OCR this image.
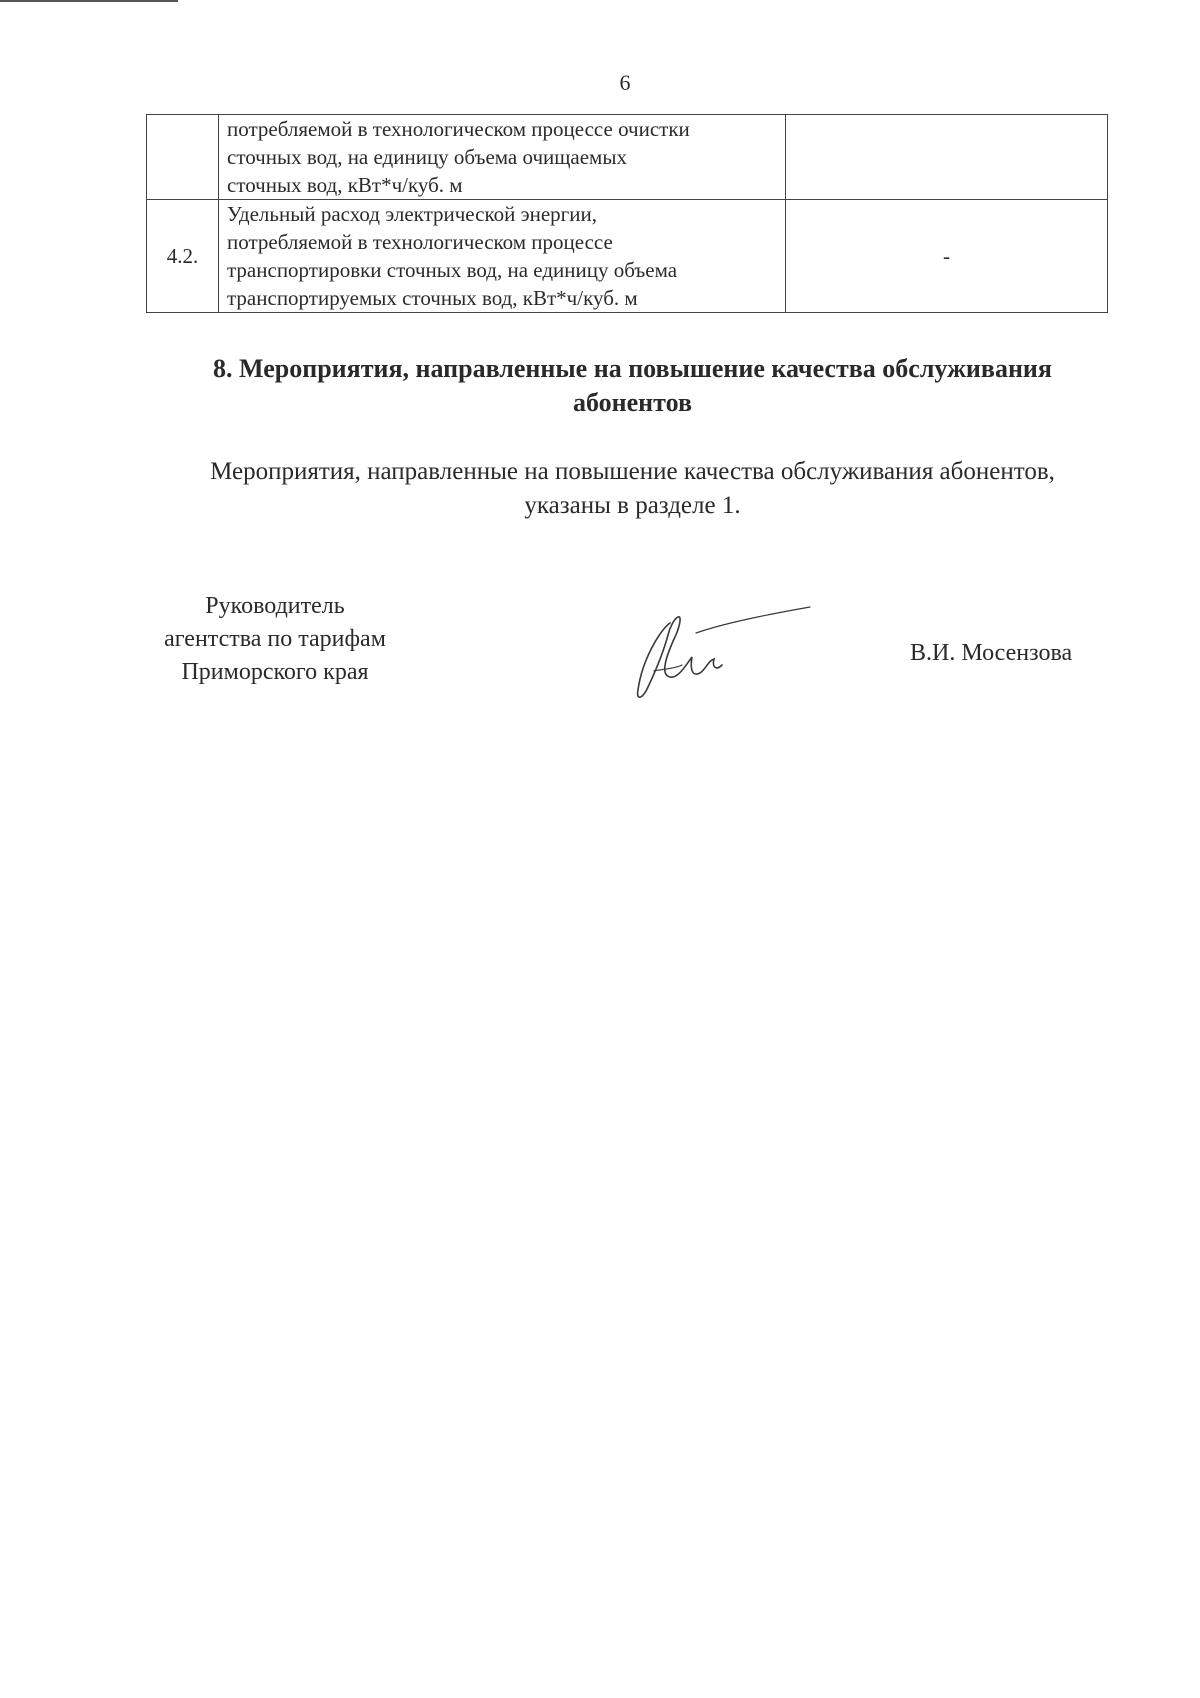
6

	потребляемой в технологическом процессе очистки
сточных вод, на единицу объема очищаемых
сточных вод, кВт*ч/куб. м	

4.2.	Удельный расход электрической энергии,
потребляемой в технологическом процессе
транспортировки сточных вод, на единицу объема
транспортируемых сточных вод, кВт*ч/куб. м	-
8. Мероприятия, направленные на повышение качества обслуживания
абонентов
Мероприятия, направленные на повышение качества обслуживания абонентов,
указаны в разделе 1.
Руководитель
агентства по тарифам
Приморского края
В.И. Мосензова
